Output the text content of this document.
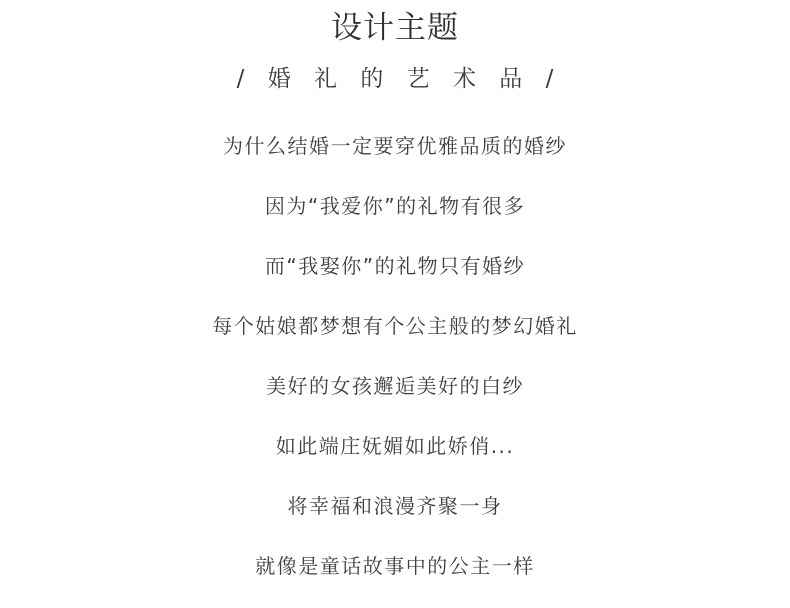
设计主题
/ 婚 礼 的 艺 术 品 /
为什么结婚一定要穿优雅品质的婚纱
因为“我爱你”的礼物有很多
而“我娶你”的礼物只有婚纱
每个姑娘都梦想有个公主般的梦幻婚礼
美好的女孩邂逅美好的白纱
如此端庄妩媚如此娇俏...
将幸福和浪漫齐聚一身
就像是童话故事中的公主一样
